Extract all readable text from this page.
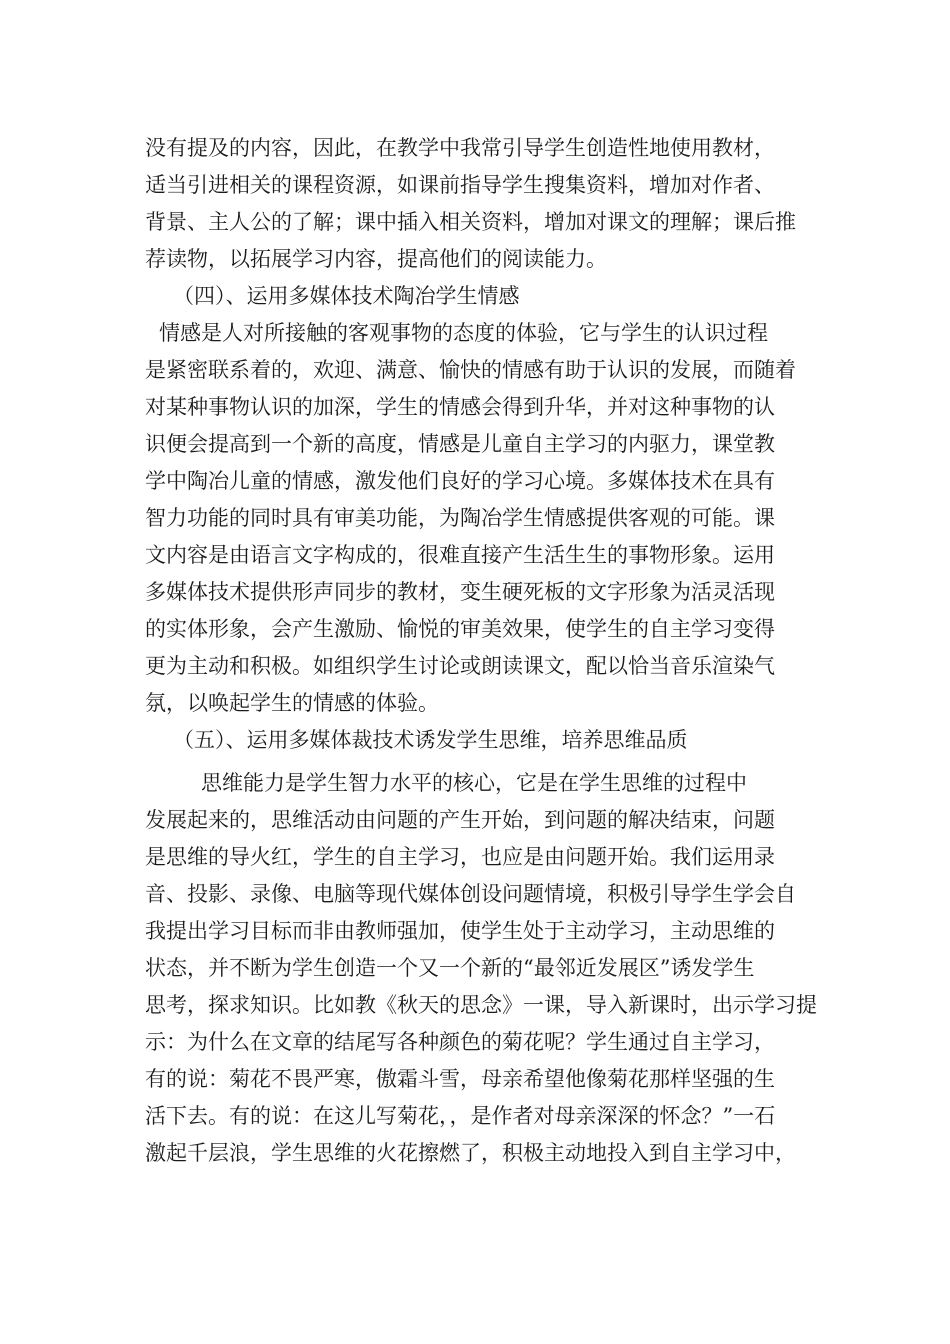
没有提及的内容，因此，在教学中我常引导学生创造性地使用教材，
适当引进相关的课程资源，如课前指导学生搜集资料，增加对作者、
背景、主人公的了解；课中插入相关资料，增加对课文的理解；课后推
荐读物，以拓展学习内容，提高他们的阅读能力。
（四）、运用多媒体技术陶冶学生情感
情感是人对所接触的客观事物的态度的体验，它与学生的认识过程
是紧密联系着的，欢迎、满意、愉快的情感有助于认识的发展，而随着
对某种事物认识的加深，学生的情感会得到升华，并对这种事物的认
识便会提高到一个新的高度，情感是儿童自主学习的内驱力，课堂教
学中陶冶儿童的情感，激发他们良好的学习心境。多媒体技术在具有
智力功能的同时具有审美功能，为陶冶学生情感提供客观的可能。课
文内容是由语言文字构成的，很难直接产生活生生的事物形象。运用
多媒体技术提供形声同步的教材，变生硬死板的文字形象为活灵活现
的实体形象，会产生激励、愉悦的审美效果，使学生的自主学习变得
更为主动和积极。如组织学生讨论或朗读课文，配以恰当音乐渲染气
氛，以唤起学生的情感的体验。
（五）、运用多媒体裁技术诱发学生思维，培养思维品质
思维能力是学生智力水平的核心，它是在学生思维的过程中
发展起来的，思维活动由问题的产生开始，到问题的解决结束，问题
是思维的导火红，学生的自主学习，也应是由问题开始。我们运用录
音、投影、录像、电脑等现代媒体创设问题情境，积极引导学生学会自
我提出学习目标而非由教师强加，使学生处于主动学习，主动思维的
状态，并不断为学生创造一个又一个新的“最邻近发展区”诱发学生
思考，探求知识。比如教《秋天的思念》一课，导入新课时，出示学习提
示：为什么在文章的结尾写各种颜色的菊花呢？学生通过自主学习，
有的说：菊花不畏严寒，傲霜斗雪，母亲希望他像菊花那样坚强的生
活下去。有的说：在这儿写菊花，，是作者对母亲深深的怀念？”一石
激起千层浪，学生思维的火花擦燃了，积极主动地投入到自主学习中，
